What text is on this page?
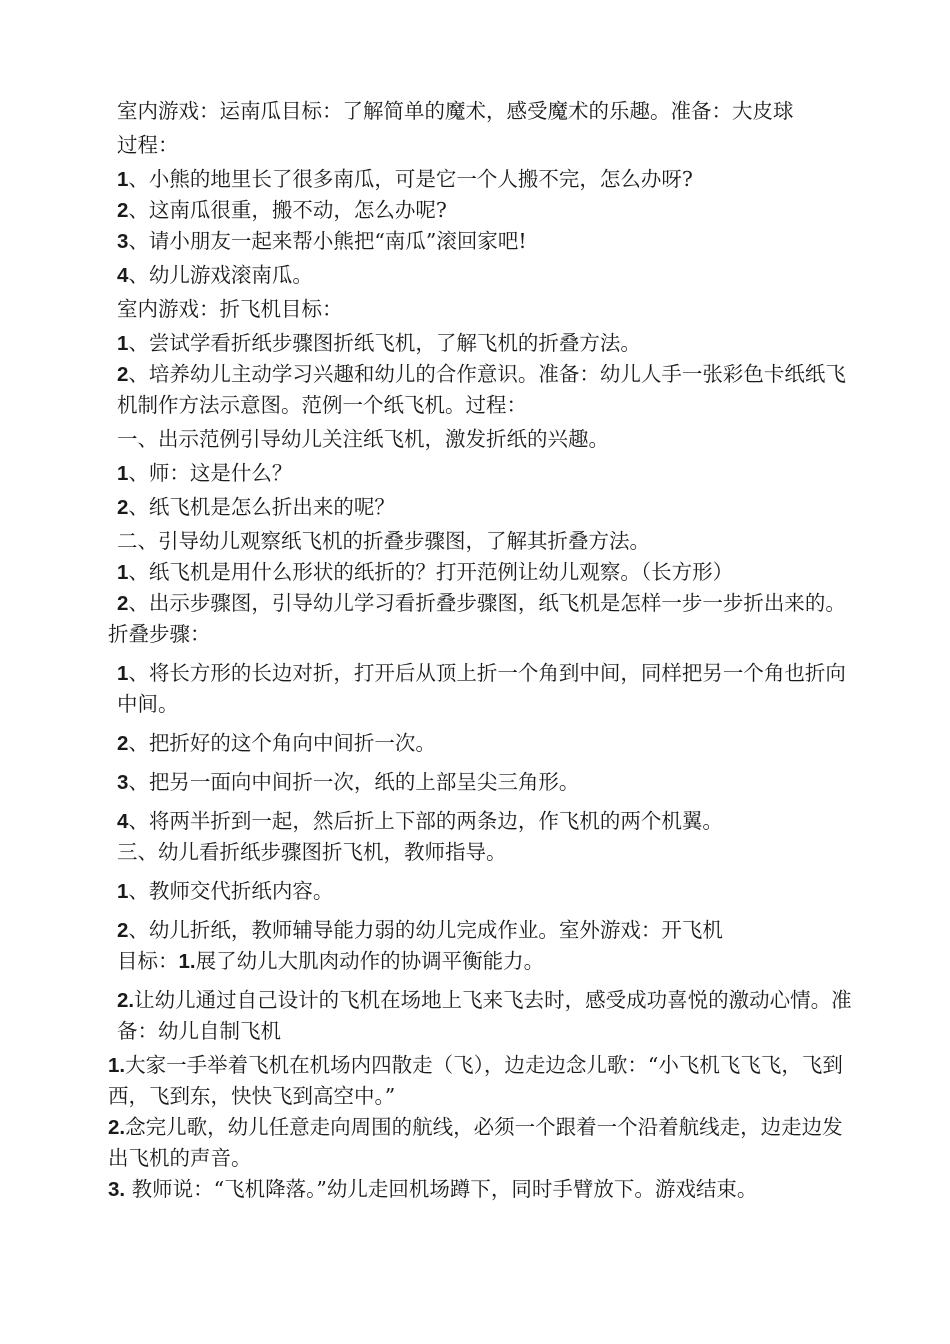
室内游戏：运南瓜目标：了解简单的魔术，感受魔术的乐趣。准备：大皮球

过程：

1、小熊的地里长了很多南瓜，可是它一个人搬不完，怎么办呀?

2、这南瓜很重，搬不动，怎么办呢?

3、请小朋友一起来帮小熊把“南瓜”滚回家吧!

4、幼儿游戏滚南瓜。

室内游戏：折飞机目标：

1、尝试学看折纸步骤图折纸飞机，了解飞机的折叠方法。

2、培养幼儿主动学习兴趣和幼儿的合作意识。准备：幼儿人手一张彩色卡纸纸飞机制作方法示意图。范例一个纸飞机。过程：

一、出示范例引导幼儿关注纸飞机，激发折纸的兴趣。

1、师：这是什么？

2、纸飞机是怎么折出来的呢？

二、引导幼儿观察纸飞机的折叠步骤图，了解其折叠方法。

1、纸飞机是用什么形状的纸折的？打开范例让幼儿观察。（长方形）

2、出示步骤图，引导幼儿学习看折叠步骤图，纸飞机是怎样一步一步折出来的。

折叠步骤：

1、将长方形的长边对折，打开后从顶上折一个角到中间，同样把另一个角也折向中间。

2、把折好的这个角向中间折一次。

3、把另一面向中间折一次，纸的上部呈尖三角形。

4、将两半折到一起，然后折上下部的两条边，作飞机的两个机翼。

三、幼儿看折纸步骤图折飞机，教师指导。

1、教师交代折纸内容。

2、幼儿折纸，教师辅导能力弱的幼儿完成作业。室外游戏：开飞机

目标：1.展了幼儿大肌肉动作的协调平衡能力。

2.让幼儿通过自己设计的飞机在场地上飞来飞去时，感受成功喜悦的激动心情。准备：幼儿自制飞机

1.大家一手举着飞机在机场内四散走（飞），边走边念儿歌：“小飞机飞飞飞，飞到西，飞到东，快快飞到高空中。”

2.念完儿歌，幼儿任意走向周围的航线，必须一个跟着一个沿着航线走，边走边发出飞机的声音。

3. 教师说：“飞机降落。”幼儿走回机场蹲下，同时手臂放下。游戏结束。
